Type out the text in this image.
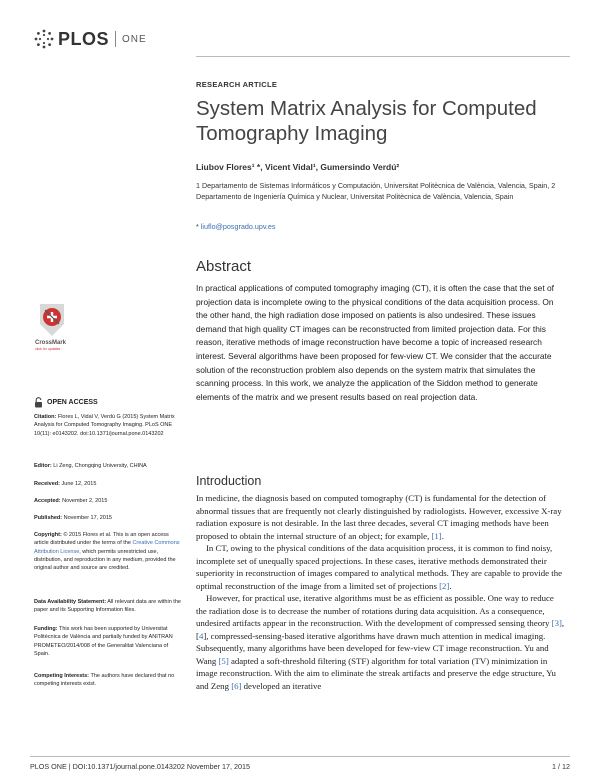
PLOS ONE
RESEARCH ARTICLE
System Matrix Analysis for Computed Tomography Imaging
Liubov Flores¹ *, Vicent Vidal¹, Gumersindo Verdú²
1 Departamento de Sistemas Informáticos y Computación, Universitat Politècnica de València, Valencia, Spain, 2 Departamento de Ingeniería Química y Nuclear, Universitat Politècnica de València, Valencia, Spain
* liuflo@posgrado.upv.es
Abstract

In practical applications of computed tomography imaging (CT), it is often the case that the set of projection data is incomplete owing to the physical conditions of the data acquisition process. On the other hand, the high radiation dose imposed on patients is also undesired. These issues demand that high quality CT images can be reconstructed from limited projection data. For this reason, iterative methods of image reconstruction have become a topic of increased research interest. Several algorithms have been proposed for few-view CT. We consider that the accurate solution of the reconstruction problem also depends on the system matrix that simulates the scanning process. In this work, we analyze the application of the Siddon method to generate elements of the matrix and we present results based on real projection data.

CrossMark
click for updates
OPEN ACCESS
Citation: Flores L, Vidal V, Verdú G (2015) System Matrix Analysis for Computed Tomography Imaging. PLoS ONE 10(11): e0143202. doi:10.1371/journal.pone.0143202
Editor: Li Zeng, Chongqing University, CHINA
Received: June 12, 2015
Accepted: November 2, 2015
Published: November 17, 2015
Copyright: © 2015 Flores et al. This is an open access article distributed under the terms of the Creative Commons Attribution License, which permits unrestricted use, distribution, and reproduction in any medium, provided the original author and source are credited.
Data Availability Statement: All relevant data are within the paper and its Supporting Information files.
Funding: This work has been supported by Universitat Politècnica de València and partially funded by ANITRAN PROMETEO/2014/008 of the Generalitat Valenciana of Spain.
Competing Interests: The authors have declared that no competing interests exist.
Introduction

In medicine, the diagnosis based on computed tomography (CT) is fundamental for the detection of abnormal tissues that are frequently not clearly distinguished by radiologists. However, excessive X-ray radiation exposure is not desirable. In the last three decades, several CT imaging methods have been proposed to obtain the internal structure of an object; for example, [1].

In CT, owing to the physical conditions of the data acquisition process, it is common to find noisy, incomplete set of unequally spaced projections. In these cases, iterative methods demonstrated their superiority in reconstruction of images compared to analytical methods. They are capable to provide the optimal reconstruction of the image from a limited set of projections [2].

However, for practical use, iterative algorithms must be as efficient as possible. One way to reduce the radiation dose is to decrease the number of rotations during data acquisition. As a consequence, undesired artifacts appear in the reconstruction. With the development of compressed sensing theory [3], [4], compressed-sensing-based iterative algorithms have drawn much attention in medical imaging. Subsequently, many algorithms have been developed for few-view CT image reconstruction. Yu and Wang [5] adapted a soft-threshold filtering (STF) algorithm for total variation (TV) minimization in image reconstruction. With the aim to eliminate the streak artifacts and preserve the edge structure, Yu and Zeng [6] developed an iterative

PLOS ONE | DOI:10.1371/journal.pone.0143202 November 17, 2015	1 / 12
